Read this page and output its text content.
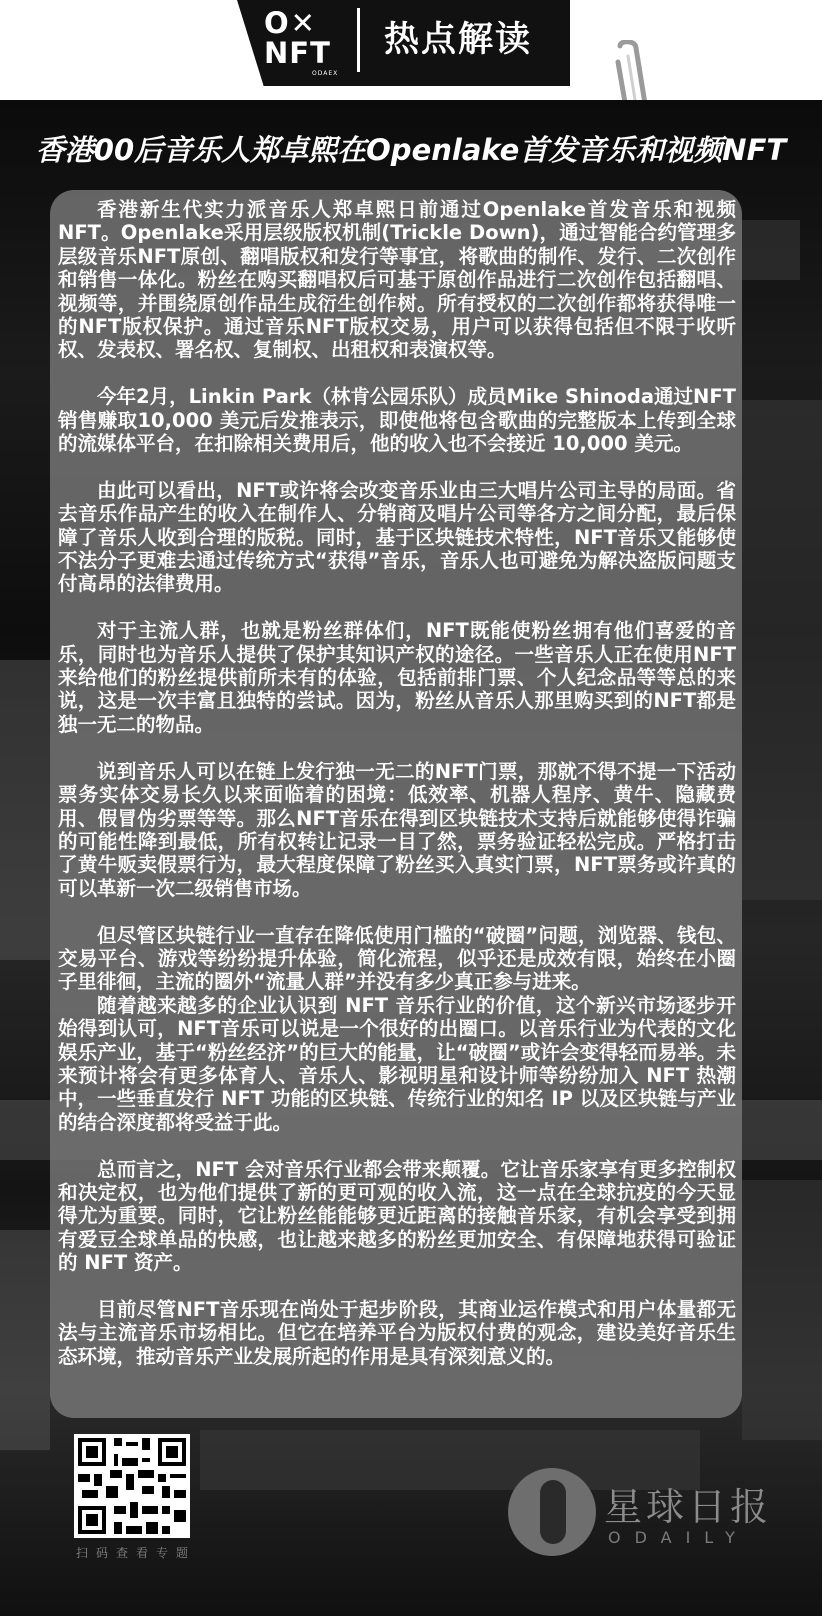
O✕
NFT
ODAEX
热点解读
香港00后音乐人郑卓熙在Openlake首发音乐和视频NFT

香港新生代实力派音乐人郑卓熙日前通过Openlake首发音乐和视频NFT。Openlake采用层级版权机制(Trickle Down)，通过智能合约管理多层级音乐NFT原创、翻唱版权和发行等事宜，将歌曲的制作、发行、二次创作和销售一体化。粉丝在购买翻唱权后可基于原创作品进行二次创作包括翻唱、视频等，并围绕原创作品生成衍生创作树。所有授权的二次创作都将获得唯一的NFT版权保护。通过音乐NFT版权交易，用户可以获得包括但不限于收听权、发表权、署名权、复制权、出租权和表演权等。

今年2月，Linkin Park（林肯公园乐队）成员Mike Shinoda通过NFT销售赚取10,000 美元后发推表示，即使他将包含歌曲的完整版本上传到全球的流媒体平台，在扣除相关费用后，他的收入也不会接近 10,000 美元。

由此可以看出，NFT或许将会改变音乐业由三大唱片公司主导的局面。省去音乐作品产生的收入在制作人、分销商及唱片公司等各方之间分配，最后保障了音乐人收到合理的版税。同时，基于区块链技术特性，NFT音乐又能够使不法分子更难去通过传统方式“获得”音乐，音乐人也可避免为解决盗版问题支付高昂的法律费用。

对于主流人群，也就是粉丝群体们，NFT既能使粉丝拥有他们喜爱的音乐，同时也为音乐人提供了保护其知识产权的途径。一些音乐人正在使用NFT来给他们的粉丝提供前所未有的体验，包括前排门票、个人纪念品等等总的来说，这是一次丰富且独特的尝试。因为，粉丝从音乐人那里购买到的NFT都是独一无二的物品。

说到音乐人可以在链上发行独一无二的NFT门票，那就不得不提一下活动票务实体交易长久以来面临着的困境：低效率、机器人程序、黄牛、隐藏费用、假冒伪劣票等等。那么NFT音乐在得到区块链技术支持后就能够使得诈骗的可能性降到最低，所有权转让记录一目了然，票务验证轻松完成。严格打击了黄牛贩卖假票行为，最大程度保障了粉丝买入真实门票，NFT票务或许真的可以革新一次二级销售市场。

但尽管区块链行业一直存在降低使用门槛的“破圈”问题，浏览器、钱包、交易平台、游戏等纷纷提升体验，简化流程，似乎还是成效有限，始终在小圈子里徘徊，主流的圈外“流量人群”并没有多少真正参与进来。

随着越来越多的企业认识到 NFT 音乐行业的价值，这个新兴市场逐步开始得到认可，NFT音乐可以说是一个很好的出圈口。以音乐行业为代表的文化娱乐产业，基于“粉丝经济”的巨大的能量，让“破圈”或许会变得轻而易举。未来预计将会有更多体育人、音乐人、影视明星和设计师等纷纷加入 NFT 热潮中，一些垂直发行 NFT 功能的区块链、传统行业的知名 IP 以及区块链与产业的结合深度都将受益于此。

总而言之，NFT 会对音乐行业都会带来颠覆。它让音乐家享有更多控制权和决定权，也为他们提供了新的更可观的收入流，这一点在全球抗疫的今天显得尤为重要。同时，它让粉丝能能够更近距离的接触音乐家，有机会享受到拥有爱豆全球单品的快感，也让越来越多的粉丝更加安全、有保障地获得可验证的 NFT 资产。

目前尽管NFT音乐现在尚处于起步阶段，其商业运作模式和用户体量都无法与主流音乐市场相比。但它在培养平台为版权付费的观念，建设美好音乐生态环境，推动音乐产业发展所起的作用是具有深刻意义的。

扫码查看专题
星球日报
ODAILY
